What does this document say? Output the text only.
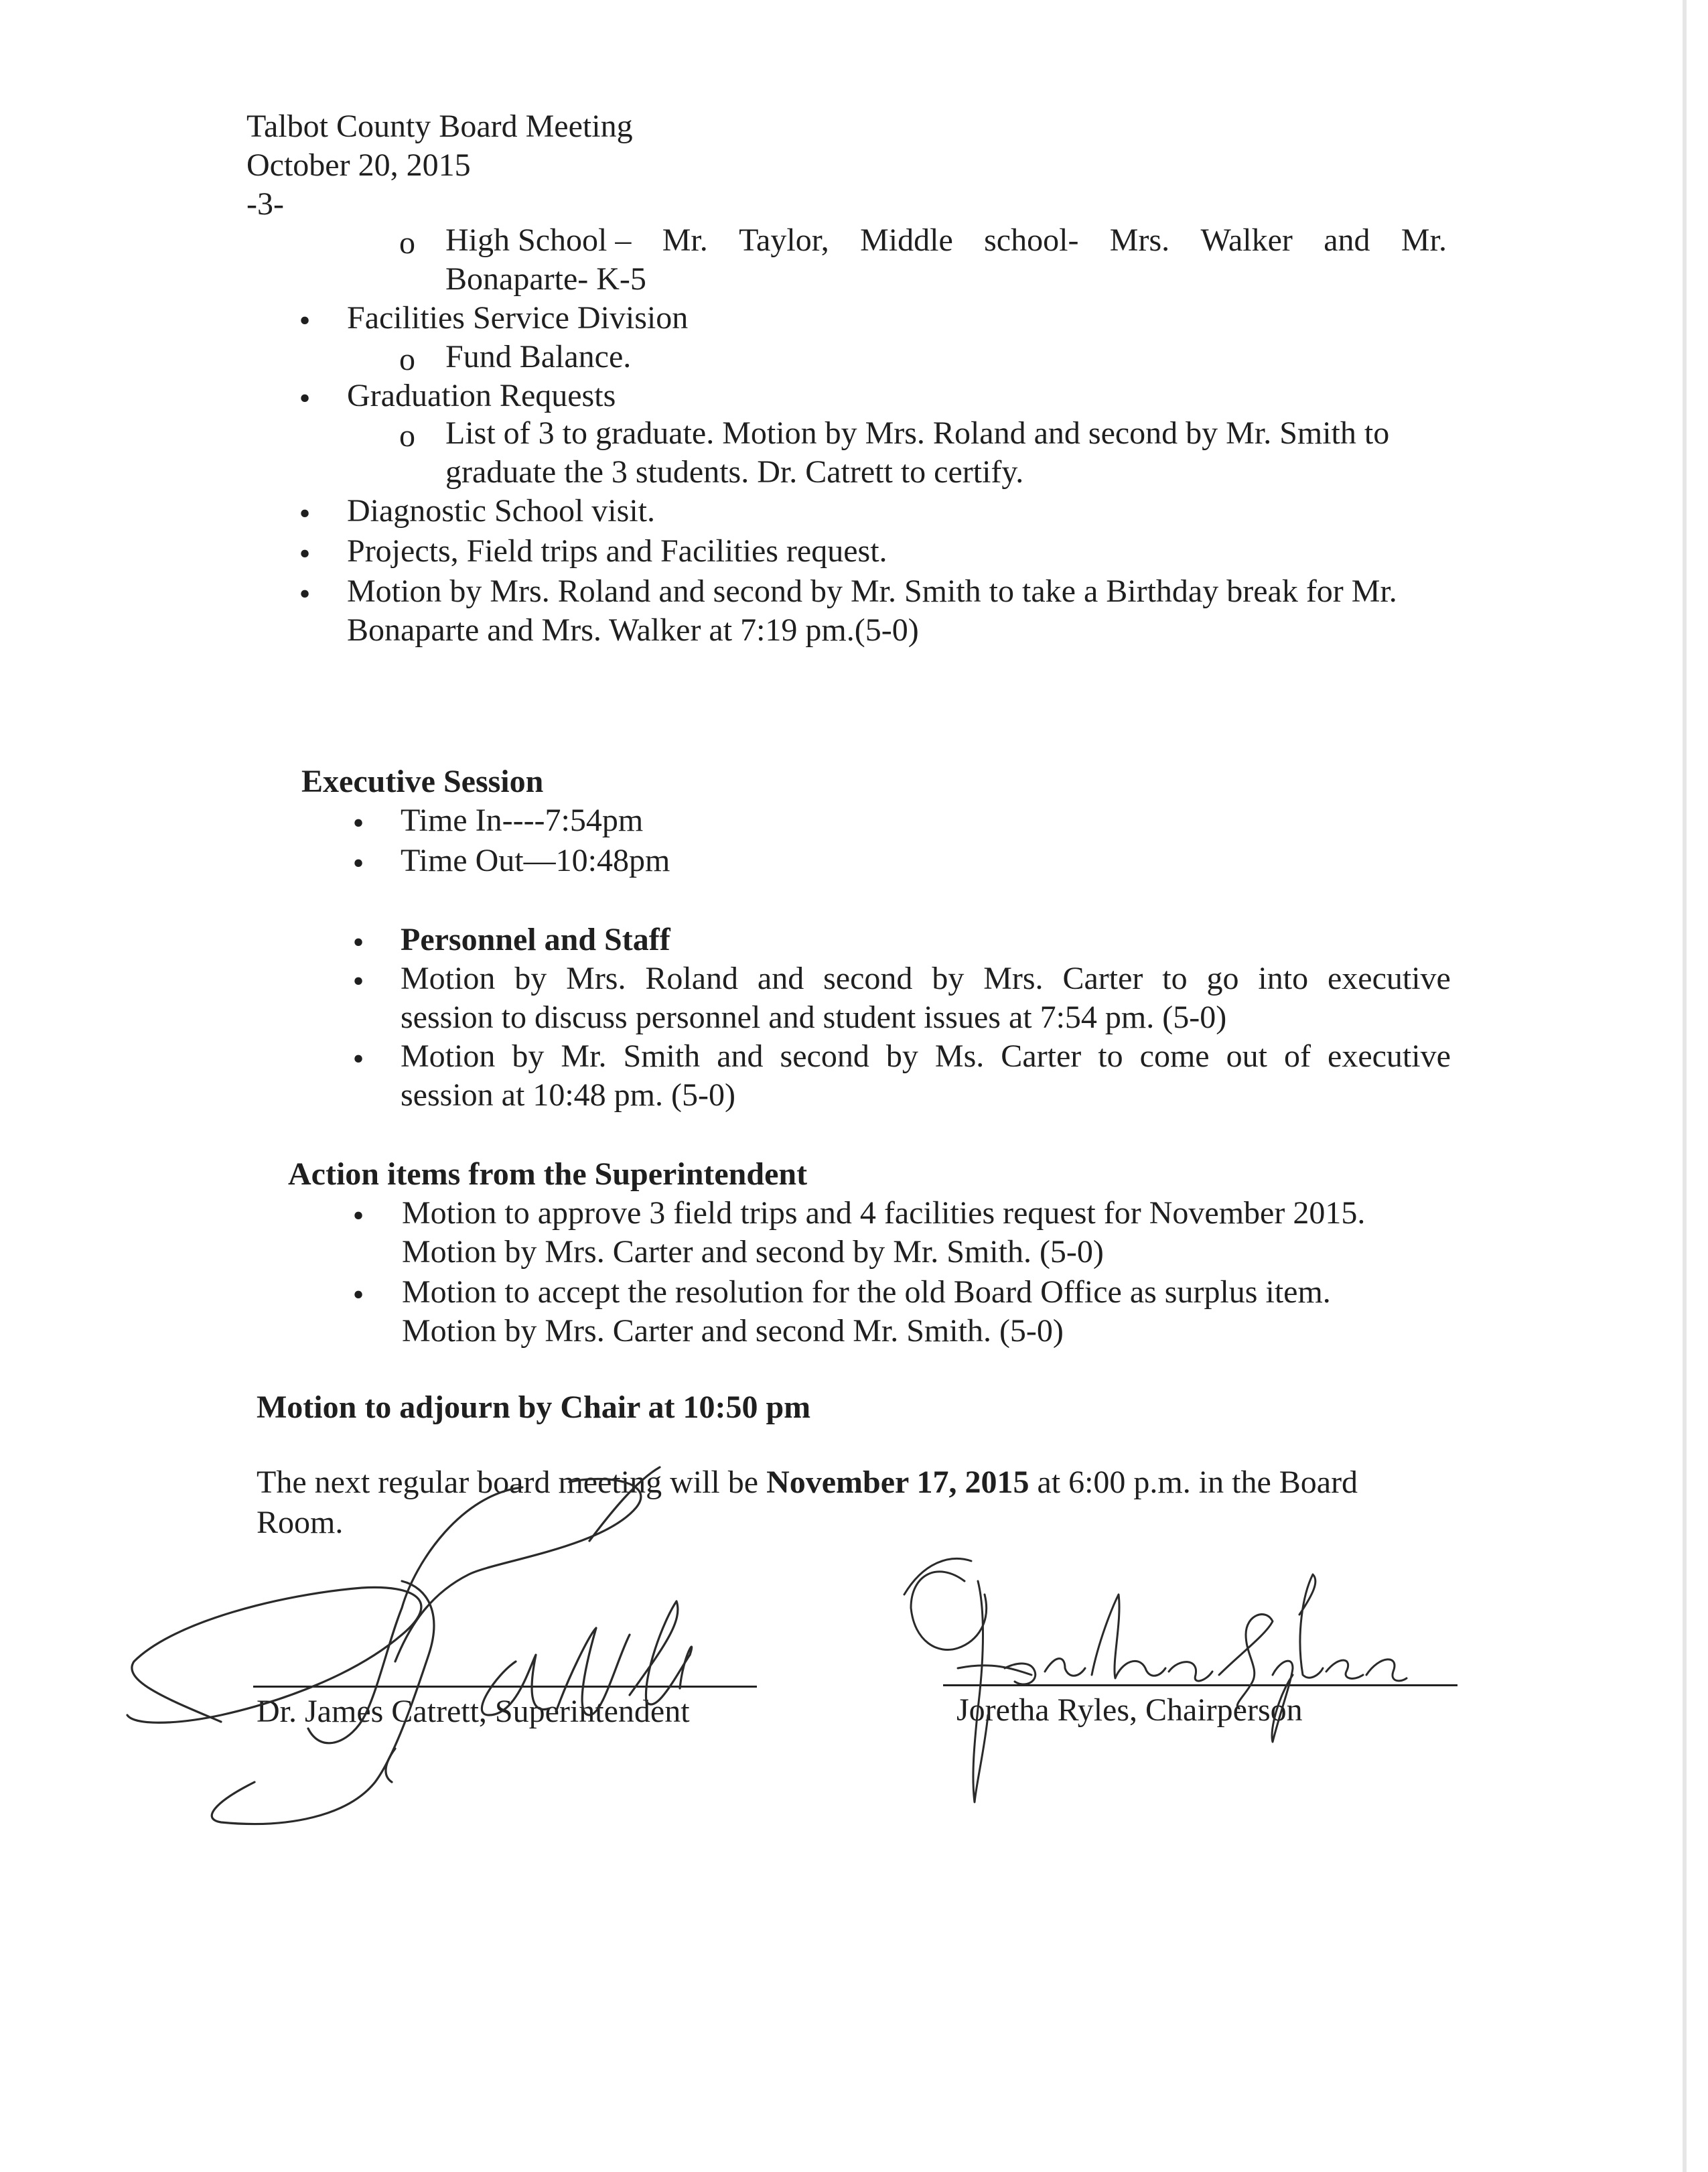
Talbot County Board Meeting
October 20, 2015
-3-
o High School – Mr. Taylor, Middle school- Mrs. Walker and Mr.
Bonaparte- K-5
• Facilities Service Division
o Fund Balance.
• Graduation Requests
o List of 3 to graduate. Motion by Mrs. Roland and second by Mr. Smith to
graduate the 3 students. Dr. Catrett to certify.
• Diagnostic School visit.
• Projects, Field trips and Facilities request.
• Motion by Mrs. Roland and second by Mr. Smith to take a Birthday break for Mr.
Bonaparte and Mrs. Walker at 7:19 pm.(5-0)
Executive Session
• Time In----7:54pm
• Time Out—10:48pm
• Personnel and Staff
• Motion by Mrs. Roland and second by Mrs. Carter to go into executive
session to discuss personnel and student issues at 7:54 pm. (5-0)
• Motion by Mr. Smith and second by Ms. Carter to come out of executive
session at 10:48 pm. (5-0)
Action items from the Superintendent
• Motion to approve 3 field trips and 4 facilities request for November 2015.
Motion by Mrs. Carter and second by Mr. Smith. (5-0)
• Motion to accept the resolution for the old Board Office as surplus item.
Motion by Mrs. Carter and second Mr. Smith. (5-0)
Motion to adjourn by Chair at 10:50 pm
The next regular board meeting will be November 17, 2015 at 6:00 p.m. in the Board
Room.
Dr. James Catrett, Superintendent	Joretha Ryles, Chairperson
